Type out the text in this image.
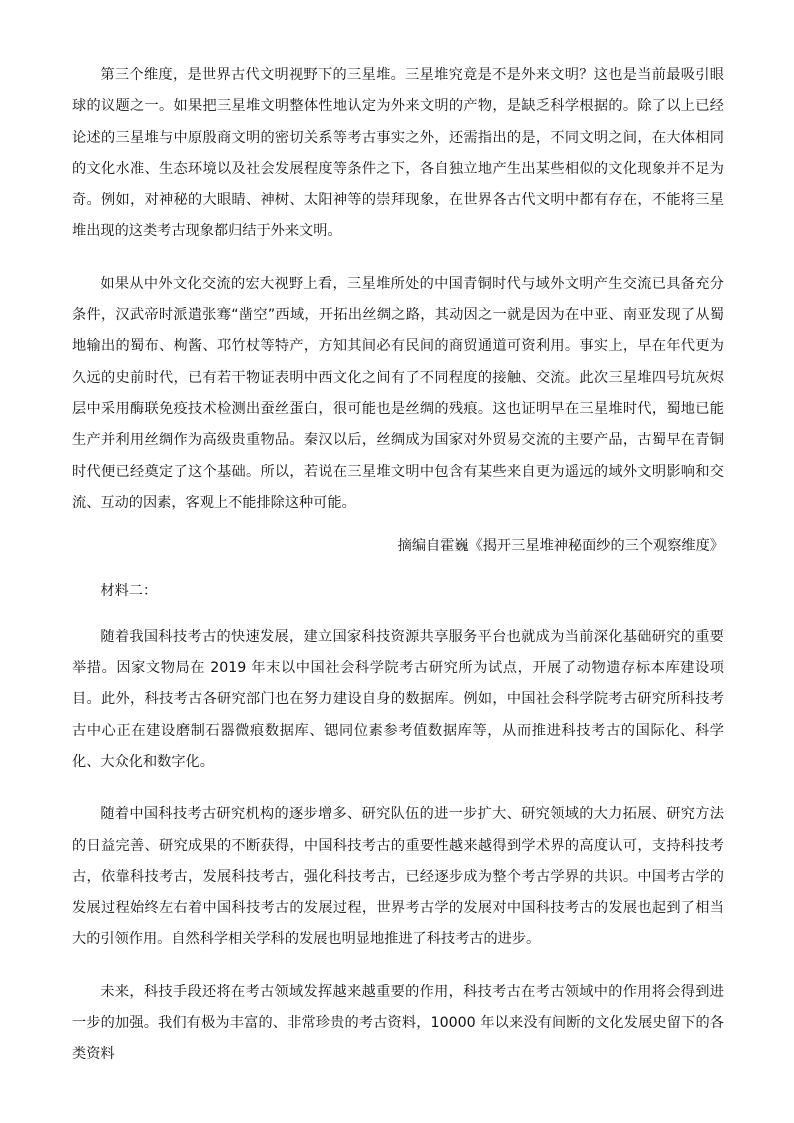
第三个维度，是世界古代文明视野下的三星堆。三星堆究竟是不是外来文明？这也是当前最吸引眼球的议题之一。如果把三星堆文明整体性地认定为外来文明的产物，是缺乏科学根据的。除了以上已经论述的三星堆与中原殷商文明的密切关系等考古事实之外，还需指出的是，不同文明之间，在大体相同的文化水准、生态环境以及社会发展程度等条件之下，各自独立地产生出某些相似的文化现象并不足为奇。例如，对神秘的大眼睛、神树、太阳神等的崇拜现象，在世界各古代文明中都有存在，不能将三星堆出现的这类考古现象都归结于外来文明。

如果从中外文化交流的宏大视野上看，三星堆所处的中国青铜时代与域外文明产生交流已具备充分条件，汉武帝时派遣张骞“凿空”西域，开拓出丝绸之路，其动因之一就是因为在中亚、南亚发现了从蜀地输出的蜀布、枸酱、邛竹杖等特产，方知其间必有民间的商贸通道可资利用。事实上，早在年代更为久远的史前时代，已有若干物证表明中西文化之间有了不同程度的接触、交流。此次三星堆四号坑灰烬层中采用酶联免疫技术检测出蚕丝蛋白，很可能也是丝绸的残痕。这也证明早在三星堆时代，蜀地已能生产并利用丝绸作为高级贵重物品。秦汉以后，丝绸成为国家对外贸易交流的主要产品，古蜀早在青铜时代便已经奠定了这个基础。所以，若说在三星堆文明中包含有某些来自更为遥远的域外文明影响和交流、互动的因素，客观上不能排除这种可能。

摘编自霍巍《揭开三星堆神秘面纱的三个观察维度》
材料二：

随着我国科技考古的快速发展，建立国家科技资源共享服务平台也就成为当前深化基础研究的重要举措。因家文物局在 2019 年末以中国社会科学院考古研究所为试点，开展了动物遗存标本库建设项目。此外，科技考古各研究部门也在努力建设自身的数据库。例如，中国社会科学院考古研究所科技考古中心正在建设磨制石器微痕数据库、锶同位素参考值数据库等，从而推进科技考古的国际化、科学化、大众化和数字化。

随着中国科技考古研究机构的逐步增多、研究队伍的进一步扩大、研究领域的大力拓展、研究方法的日益完善、研究成果的不断获得，中国科技考古的重要性越来越得到学术界的高度认可，支持科技考古，依靠科技考古，发展科技考古，强化科技考古，已经逐步成为整个考古学界的共识。中国考古学的发展过程始终左右着中国科技考古的发展过程，世界考古学的发展对中国科技考古的发展也起到了相当大的引领作用。自然科学相关学科的发展也明显地推进了科技考古的进步。

未来，科技手段还将在考古领域发挥越来越重要的作用，科技考古在考古领域中的作用将会得到进一步的加强。我们有极为丰富的、非常珍贵的考古资料，10000 年以来没有间断的文化发展史留下的各类资料
